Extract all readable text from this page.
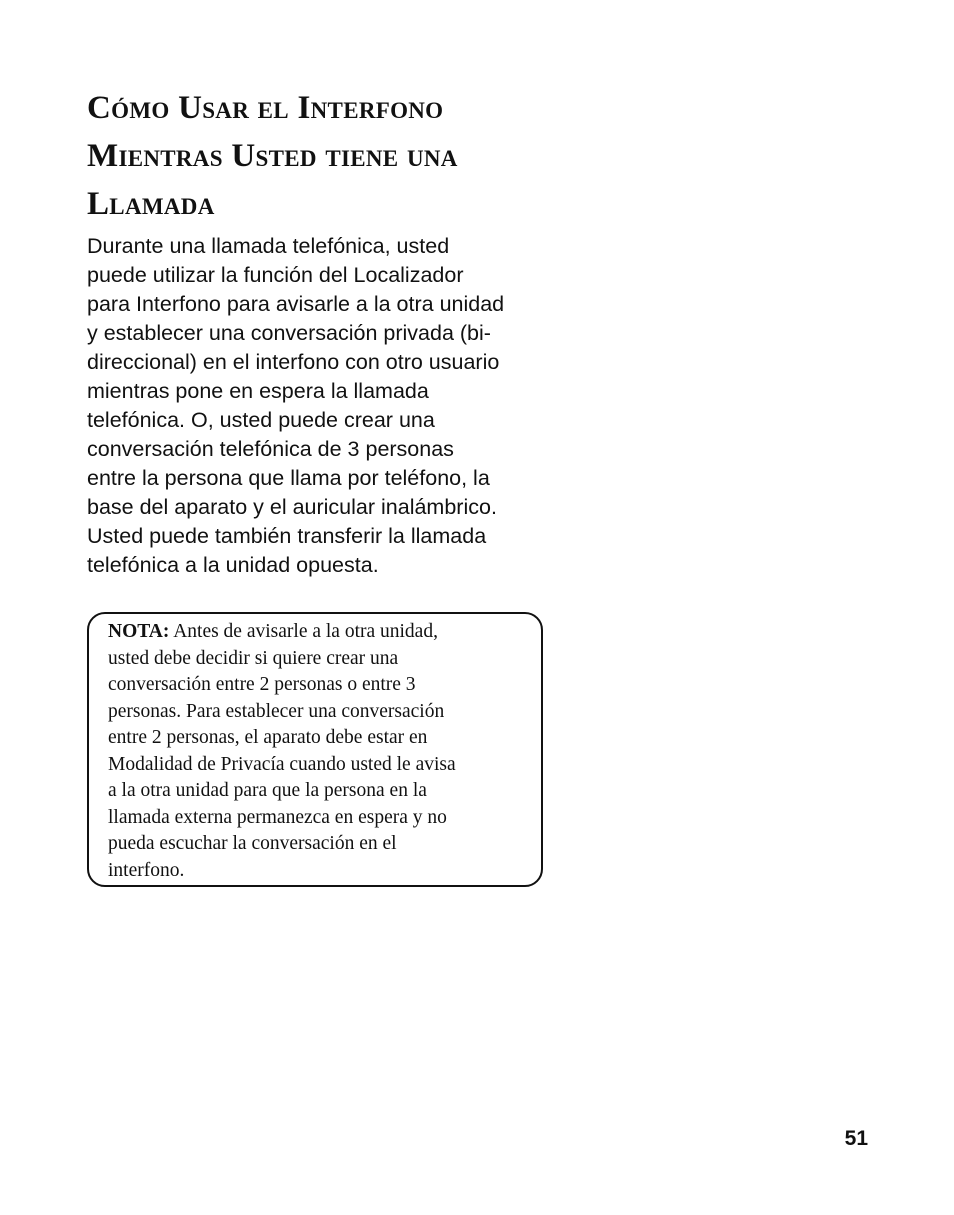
Cómo Usar el Interfono
Mientras Usted tiene una
Llamada

Durante una llamada telefónica, usted
puede utilizar la función del Localizador
para Interfono para avisarle a la otra unidad
y establecer una conversación privada (bi-
direccional) en el interfono con otro usuario
mientras pone en espera la llamada
telefónica. O, usted puede crear una
conversación telefónica de 3 personas
entre la persona que llama por teléfono, la
base del aparato y el auricular inalámbrico.
Usted puede también transferir la llamada
telefónica a la unidad opuesta.

NOTA: Antes de avisarle a la otra unidad,
usted debe decidir si quiere crear una
conversación entre 2 personas o entre 3
personas. Para establecer una conversación
entre 2 personas, el aparato debe estar en
Modalidad de Privacía cuando usted le avisa
a la otra unidad para que la persona en la
llamada externa permanezca en espera y no
pueda escuchar la conversación en el
interfono.

51
